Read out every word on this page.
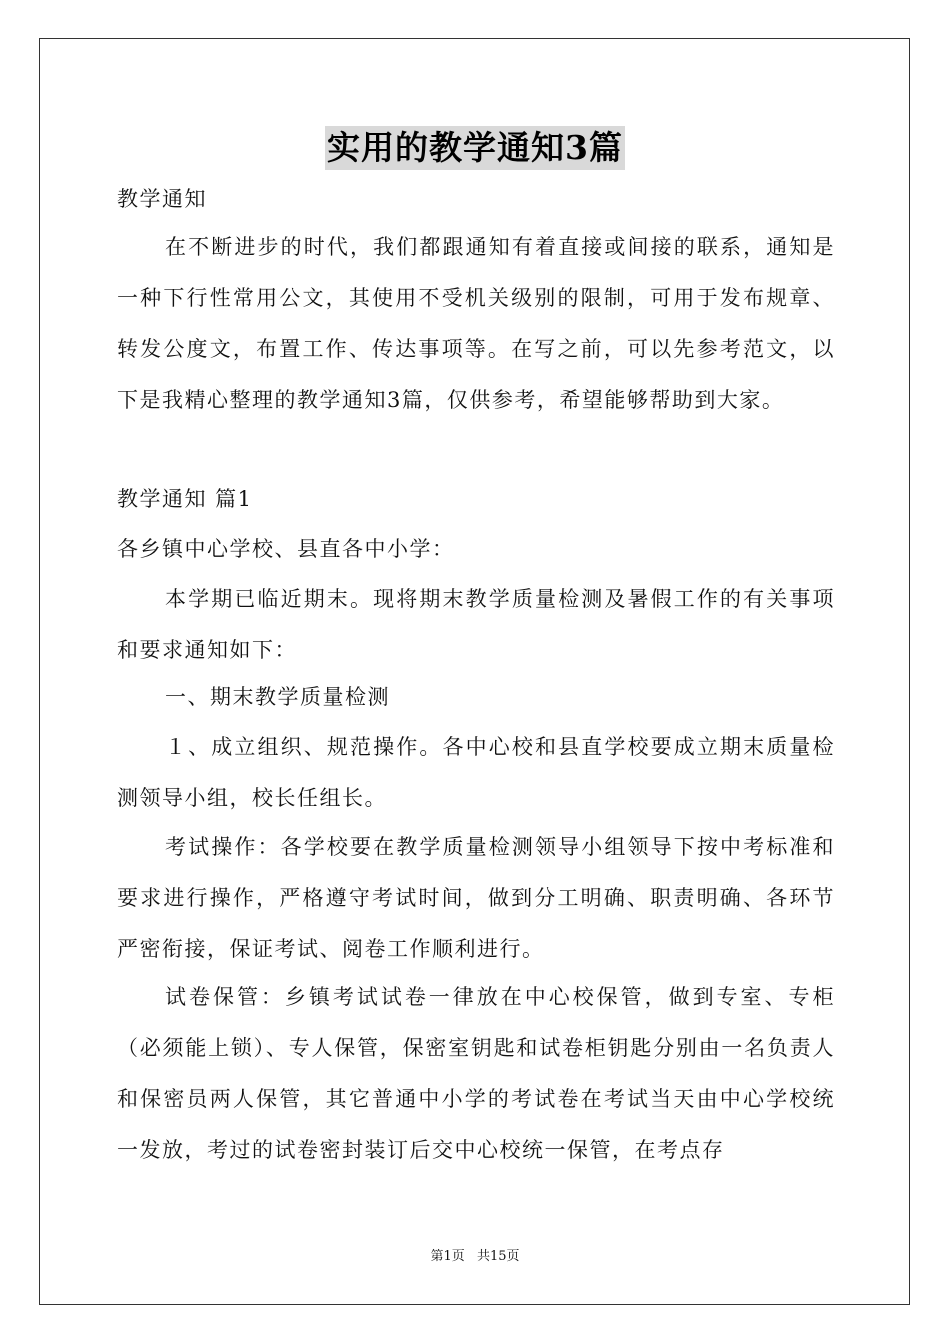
实用的教学通知3篇

教学通知

在不断进步的时代，我们都跟通知有着直接或间接的联系，通知是一种下行性常用公文，其使用不受机关级别的限制，可用于发布规章、转发公度文，布置工作、传达事项等。在写之前，可以先参考范文，以下是我精心整理的教学通知3篇，仅供参考，希望能够帮助到大家。

教学通知 篇1

各乡镇中心学校、县直各中小学：

本学期已临近期末。现将期末教学质量检测及暑假工作的有关事项和要求通知如下：

一、期末教学质量检测

１、成立组织、规范操作。各中心校和县直学校要成立期末质量检测领导小组，校长任组长。

考试操作：各学校要在教学质量检测领导小组领导下按中考标准和要求进行操作，严格遵守考试时间，做到分工明确、职责明确、各环节严密衔接，保证考试、阅卷工作顺利进行。

试卷保管：乡镇考试试卷一律放在中心校保管，做到专室、专柜（必须能上锁）、专人保管，保密室钥匙和试卷柜钥匙分别由一名负责人和保密员两人保管，其它普通中小学的考试卷在考试当天由中心学校统一发放，考过的试卷密封装订后交中心校统一保管，在考点存

第1页 共15页
